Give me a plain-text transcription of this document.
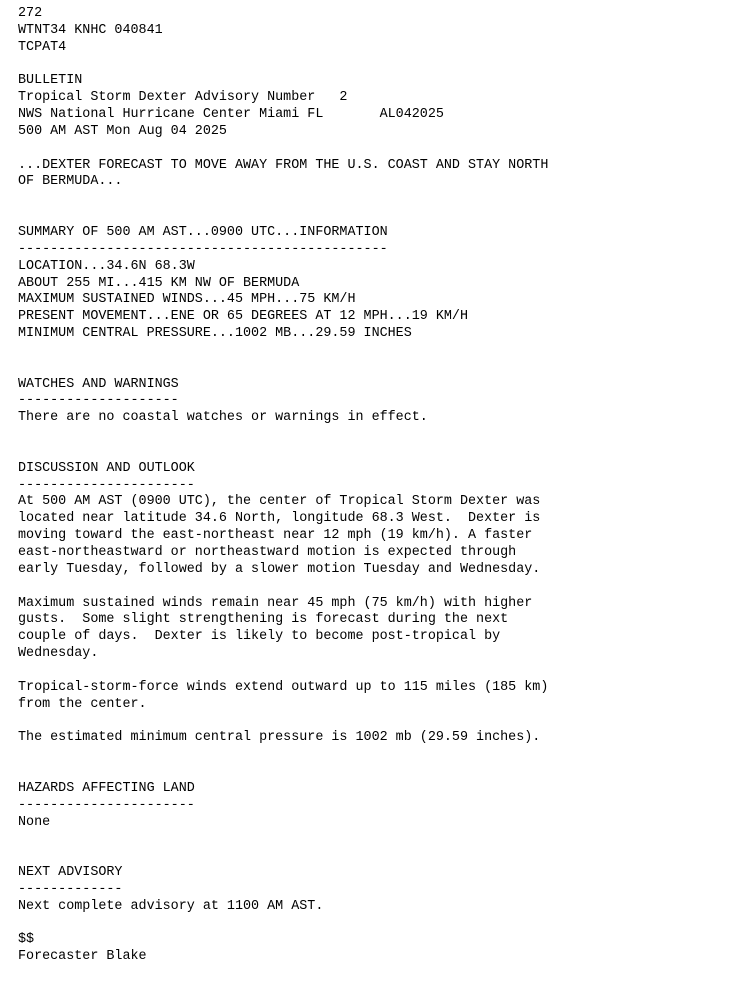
272
WTNT34 KNHC 040841
TCPAT4
BULLETIN
Tropical Storm Dexter Advisory Number   2
NWS National Hurricane Center Miami FL       AL042025
500 AM AST Mon Aug 04 2025
...DEXTER FORECAST TO MOVE AWAY FROM THE U.S. COAST AND STAY NORTH
OF BERMUDA...
SUMMARY OF 500 AM AST...0900 UTC...INFORMATION
----------------------------------------------
LOCATION...34.6N 68.3W
ABOUT 255 MI...415 KM NW OF BERMUDA
MAXIMUM SUSTAINED WINDS...45 MPH...75 KM/H
PRESENT MOVEMENT...ENE OR 65 DEGREES AT 12 MPH...19 KM/H
MINIMUM CENTRAL PRESSURE...1002 MB...29.59 INCHES
WATCHES AND WARNINGS
--------------------
There are no coastal watches or warnings in effect.
DISCUSSION AND OUTLOOK
----------------------
At 500 AM AST (0900 UTC), the center of Tropical Storm Dexter was
located near latitude 34.6 North, longitude 68.3 West.  Dexter is
moving toward the east-northeast near 12 mph (19 km/h). A faster
east-northeastward or northeastward motion is expected through
early Tuesday, followed by a slower motion Tuesday and Wednesday.
Maximum sustained winds remain near 45 mph (75 km/h) with higher
gusts.  Some slight strengthening is forecast during the next
couple of days.  Dexter is likely to become post-tropical by
Wednesday.
Tropical-storm-force winds extend outward up to 115 miles (185 km)
from the center.
The estimated minimum central pressure is 1002 mb (29.59 inches).
HAZARDS AFFECTING LAND
----------------------
None
NEXT ADVISORY
-------------
Next complete advisory at 1100 AM AST.
$$
Forecaster Blake
